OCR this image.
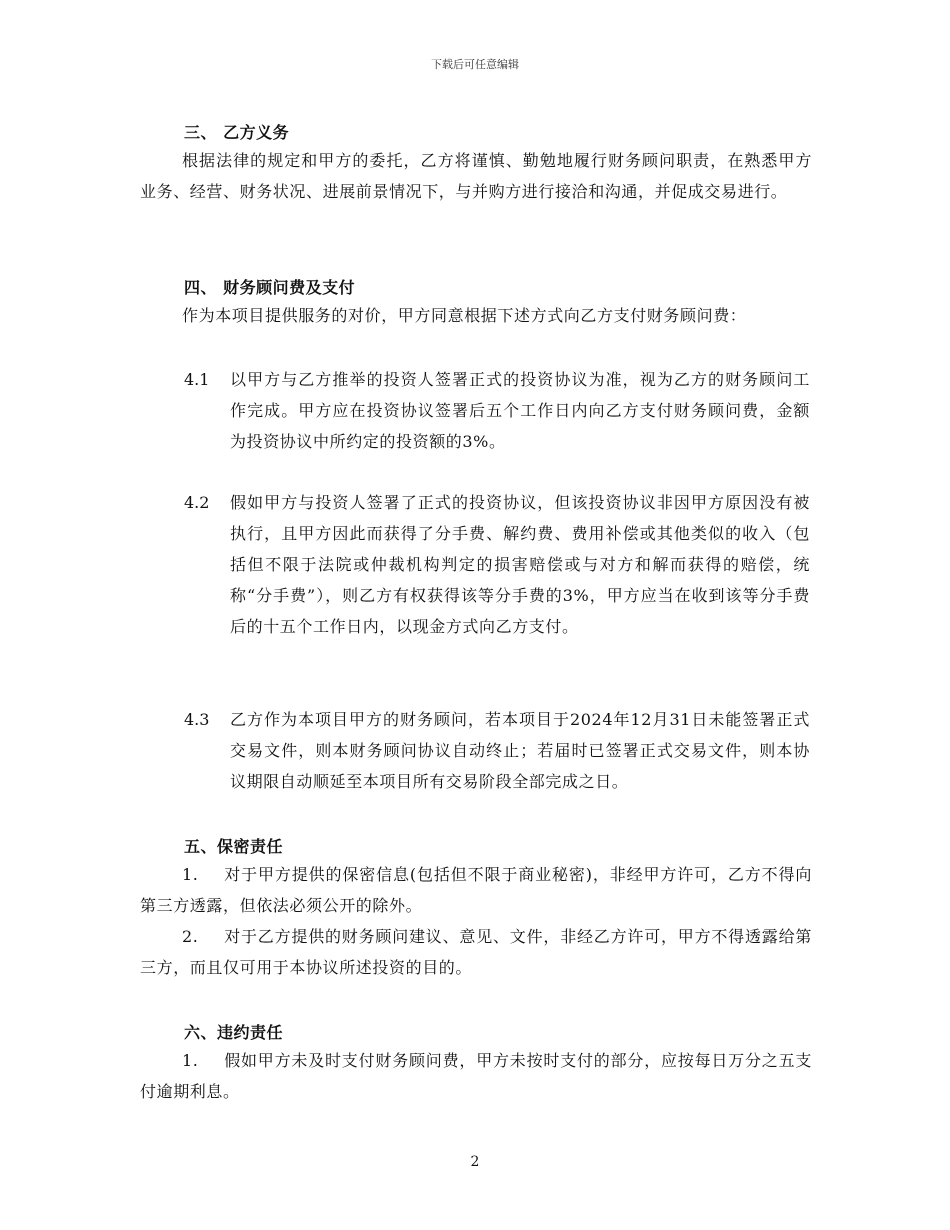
下载后可任意编辑
三、 乙方义务
根据法律的规定和甲方的委托，乙方将谨慎、勤勉地履行财务顾问职责，在熟悉甲方业务、经营、财务状况、进展前景情况下，与并购方进行接洽和沟通，并促成交易进行。
四、 财务顾问费及支付
作为本项目提供服务的对价，甲方同意根据下述方式向乙方支付财务顾问费：
4.1 以甲方与乙方推举的投资人签署正式的投资协议为准，视为乙方的财务顾问工作完成。甲方应在投资协议签署后五个工作日内向乙方支付财务顾问费，金额为投资协议中所约定的投资额的3%。
4.2 假如甲方与投资人签署了正式的投资协议，但该投资协议非因甲方原因没有被执行，且甲方因此而获得了分手费、解约费、费用补偿或其他类似的收入（包括但不限于法院或仲裁机构判定的损害赔偿或与对方和解而获得的赔偿，统称“分手费”），则乙方有权获得该等分手费的3%，甲方应当在收到该等分手费后的十五个工作日内，以现金方式向乙方支付。
4.3 乙方作为本项目甲方的财务顾问，若本项目于2024年12月31日未能签署正式交易文件，则本财务顾问协议自动终止；若届时已签署正式交易文件，则本协议期限自动顺延至本项目所有交易阶段全部完成之日。
五、保密责任
1. 对于甲方提供的保密信息(包括但不限于商业秘密)，非经甲方许可，乙方不得向第三方透露，但依法必须公开的除外。
2. 对于乙方提供的财务顾问建议、意见、文件，非经乙方许可，甲方不得透露给第三方，而且仅可用于本协议所述投资的目的。
六、违约责任
1. 假如甲方未及时支付财务顾问费，甲方未按时支付的部分，应按每日万分之五支付逾期利息。
2
